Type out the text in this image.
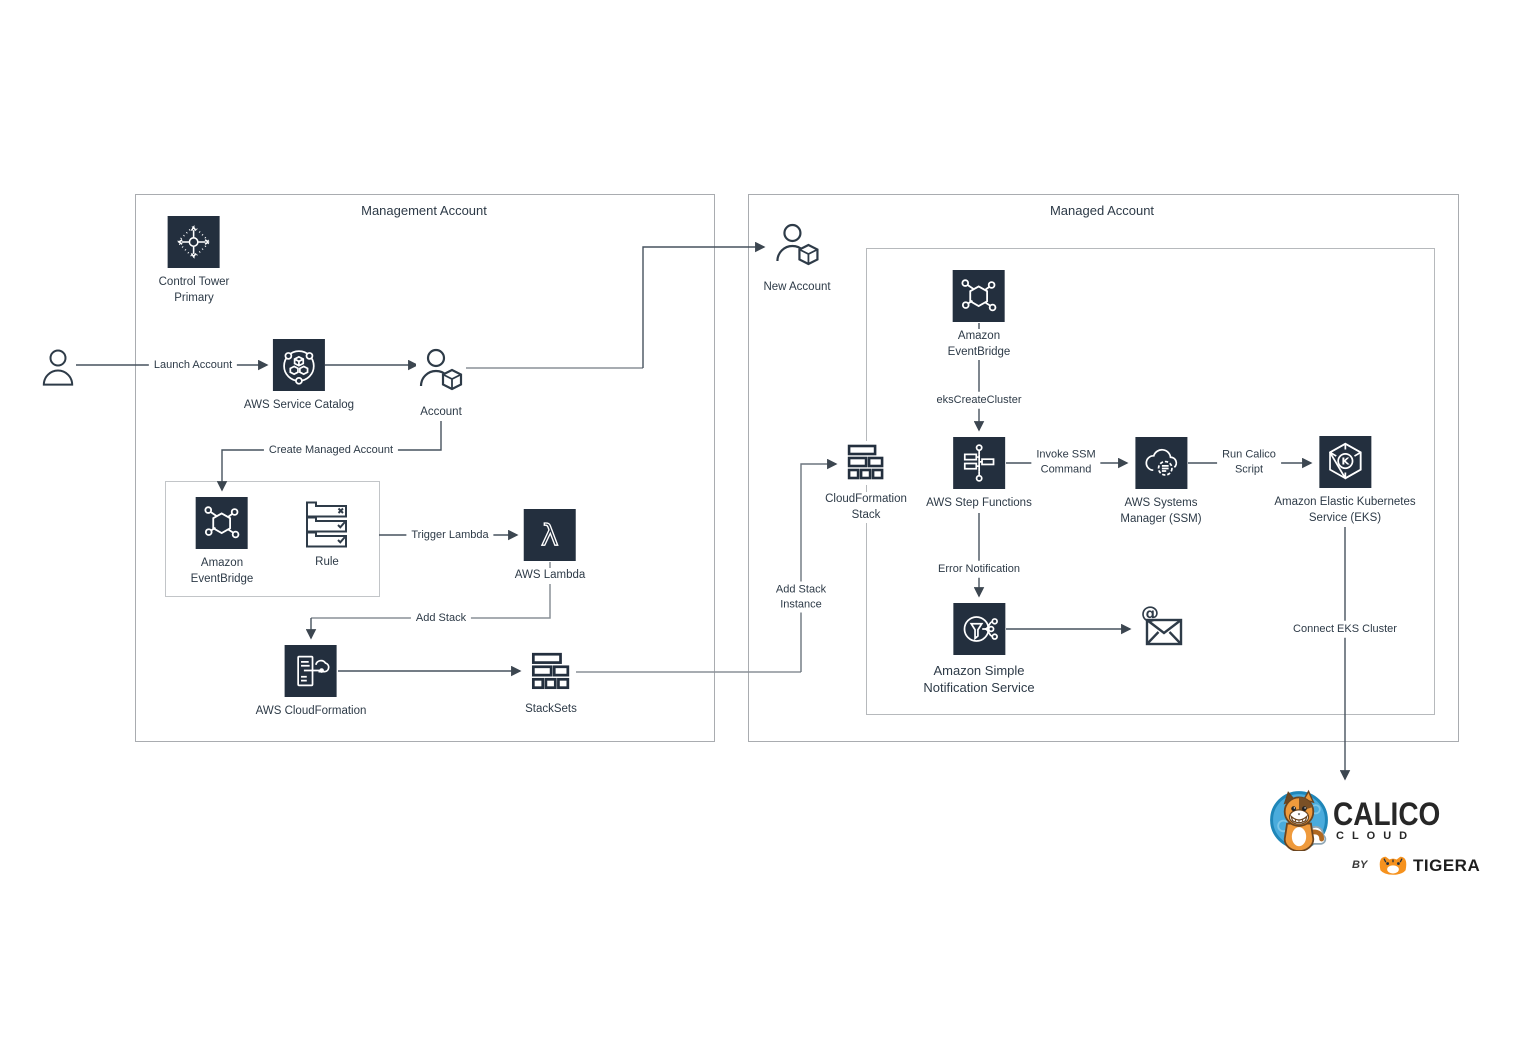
Management Account	Managed Account
Control Tower
Primary
AWS Service Catalog
Account
Amazon
EventBridge
Rule
λ
AWS Lambda
AWS CloudFormation	StackSets
New Account
Amazon
EventBridge
CloudFormation
Stack
AWS Step Functions	AWS Systems
Manager (SSM)
K
Amazon Elastic Kubernetes
Service (EKS)
Amazon Simple
Notification Service
@
Launch Account
Create Managed Account
Trigger Lambda
Add Stack
Add Stack
Instance
eksCreateCluster
Invoke SSM
Command
Run Calico
Script
Error Notification
Connect EKS Cluster
CALICO
CLOUD
BY	TIGERA
